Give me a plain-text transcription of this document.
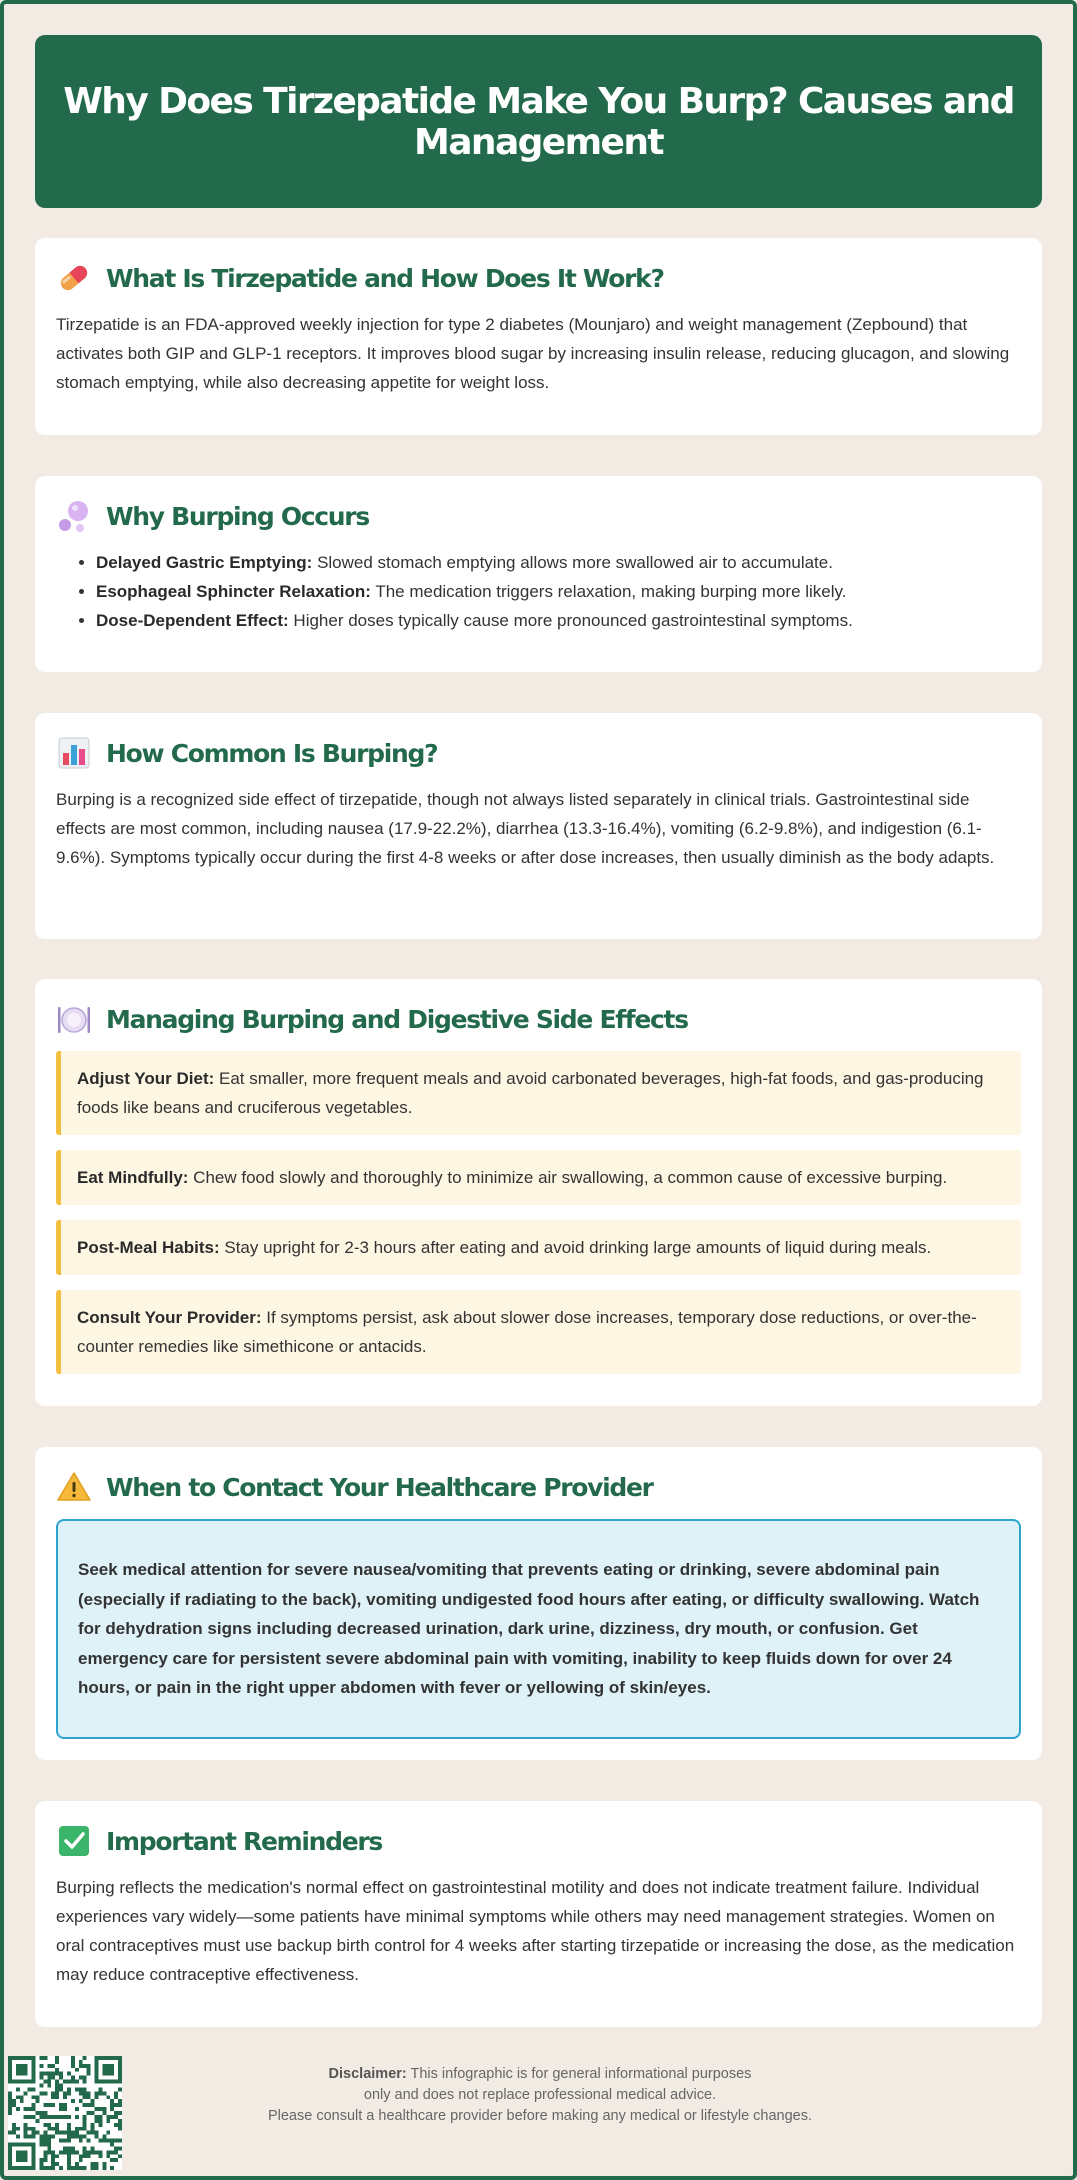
Why Does Tirzepatide Make You Burp? Causes and Management
What Is Tirzepatide and How Does It Work?

Tirzepatide is an FDA-approved weekly injection for type 2 diabetes (Mounjaro) and weight management (Zepbound) that activates both GIP and GLP-1 receptors. It improves blood sugar by increasing insulin release, reducing glucagon, and slowing stomach emptying, while also decreasing appetite for weight loss.

Why Burping Occurs
• Delayed Gastric Emptying: Slowed stomach emptying allows more swallowed air to accumulate.
• Esophageal Sphincter Relaxation: The medication triggers relaxation, making burping more likely.
• Dose-Dependent Effect: Higher doses typically cause more pronounced gastrointestinal symptoms.
How Common Is Burping?

Burping is a recognized side effect of tirzepatide, though not always listed separately in clinical trials. Gastrointestinal side effects are most common, including nausea (17.9-22.2%), diarrhea (13.3-16.4%), vomiting (6.2-9.8%), and indigestion (6.1-9.6%). Symptoms typically occur during the first 4-8 weeks or after dose increases, then usually diminish as the body adapts.

Managing Burping and Digestive Side Effects
Adjust Your Diet: Eat smaller, more frequent meals and avoid carbonated beverages, high-fat foods, and gas-producing foods like beans and cruciferous vegetables.
Eat Mindfully: Chew food slowly and thoroughly to minimize air swallowing, a common cause of excessive burping.
Post-Meal Habits: Stay upright for 2-3 hours after eating and avoid drinking large amounts of liquid during meals.
Consult Your Provider: If symptoms persist, ask about slower dose increases, temporary dose reductions, or over-the-counter remedies like simethicone or antacids.
When to Contact Your Healthcare Provider
Seek medical attention for severe nausea/vomiting that prevents eating or drinking, severe abdominal pain (especially if radiating to the back), vomiting undigested food hours after eating, or difficulty swallowing. Watch for dehydration signs including decreased urination, dark urine, dizziness, dry mouth, or confusion. Get emergency care for persistent severe abdominal pain with vomiting, inability to keep fluids down for over 24 hours, or pain in the right upper abdomen with fever or yellowing of skin/eyes.
Important Reminders

Burping reflects the medication's normal effect on gastrointestinal motility and does not indicate treatment failure. Individual experiences vary widely—some patients have minimal symptoms while others may need management strategies. Women on oral contraceptives must use backup birth control for 4 weeks after starting tirzepatide or increasing the dose, as the medication may reduce contraceptive effectiveness.

Disclaimer: This infographic is for general informational purposes
only and does not replace professional medical advice.
Please consult a healthcare provider before making any medical or lifestyle changes.
